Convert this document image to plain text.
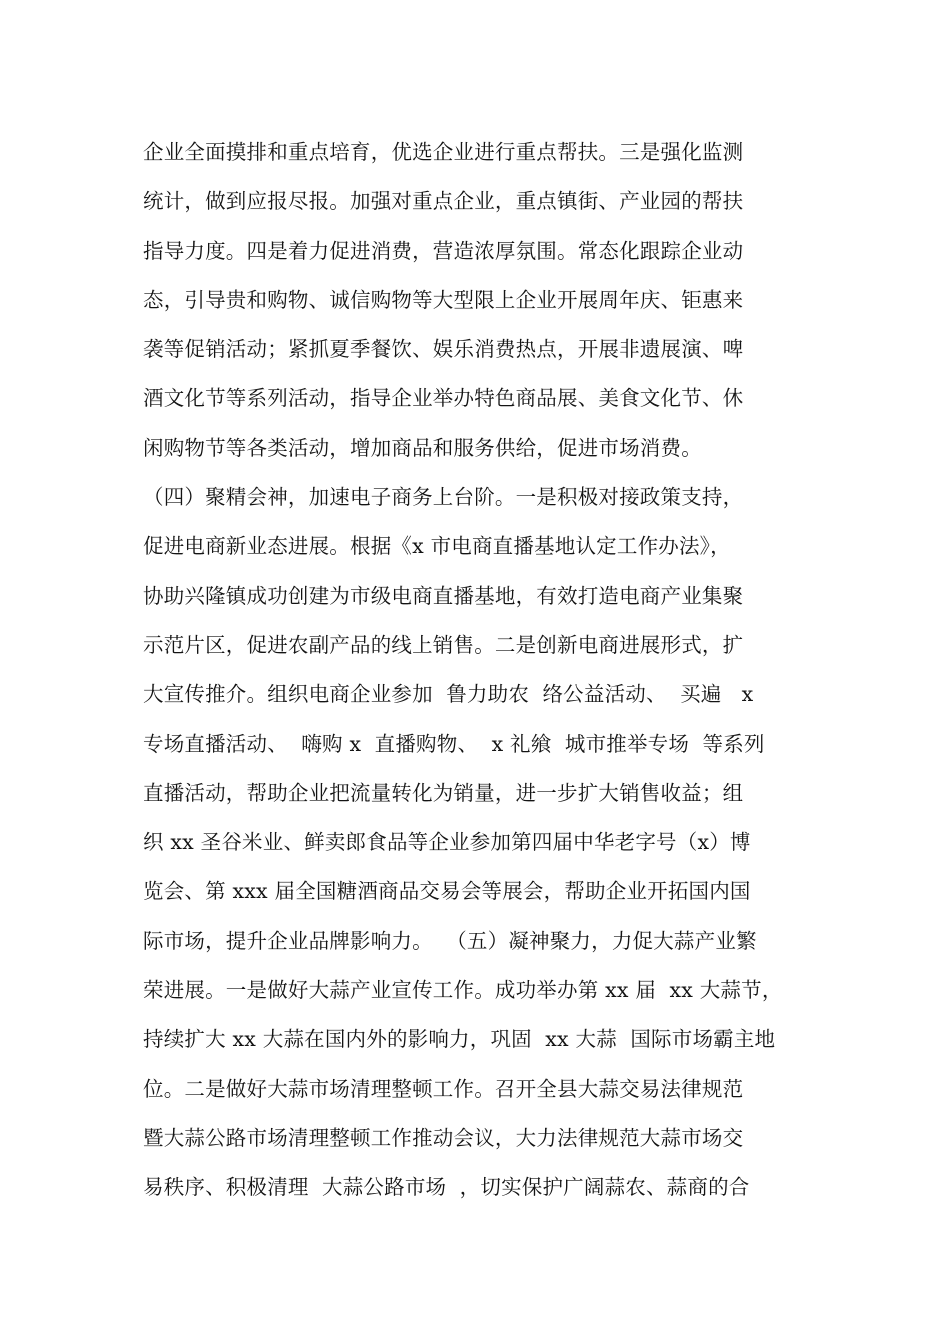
企业全面摸排和重点培育，优选企业进行重点帮扶。三是强化监测
统计，做到应报尽报。加强对重点企业，重点镇街、产业园的帮扶
指导力度。四是着力促进消费，营造浓厚氛围。常态化跟踪企业动
态，引导贵和购物、诚信购物等大型限上企业开展周年庆、钜惠来
袭等促销活动；紧抓夏季餐饮、娱乐消费热点，开展非遗展演、啤
酒文化节等系列活动，指导企业举办特色商品展、美食文化节、休
闲购物节等各类活动，增加商品和服务供给，促进市场消费。
（四）聚精会神，加速电子商务上台阶。一是积极对接政策支持，
促进电商新业态进展。根据《x 市电商直播基地认定工作办法》，
协助兴隆镇成功创建为市级电商直播基地，有效打造电商产业集聚
示范片区，促进农副产品的线上销售。二是创新电商进展形式，扩
大宣传推介。组织电商企业参加  鲁力助农  络公益活动、  买遍   x
专场直播活动、  嗨购 x  直播购物、  x 礼飨  城市推举专场  等系列
直播活动，帮助企业把流量转化为销量，进一步扩大销售收益；组
织 xx 圣谷米业、鲜卖郎食品等企业参加第四届中华老字号（x）博
览会、第 xxx 届全国糖酒商品交易会等展会，帮助企业开拓国内国
际市场，提升企业品牌影响力。  （五）凝神聚力，力促大蒜产业繁
荣进展。一是做好大蒜产业宣传工作。成功举办第 xx 届  xx 大蒜节，
持续扩大 xx 大蒜在国内外的影响力，巩固  xx 大蒜  国际市场霸主地
位。二是做好大蒜市场清理整顿工作。召开全县大蒜交易法律规范
暨大蒜公路市场清理整顿工作推动会议，大力法律规范大蒜市场交
易秩序、积极清理  大蒜公路市场  ，切实保护广阔蒜农、蒜商的合
